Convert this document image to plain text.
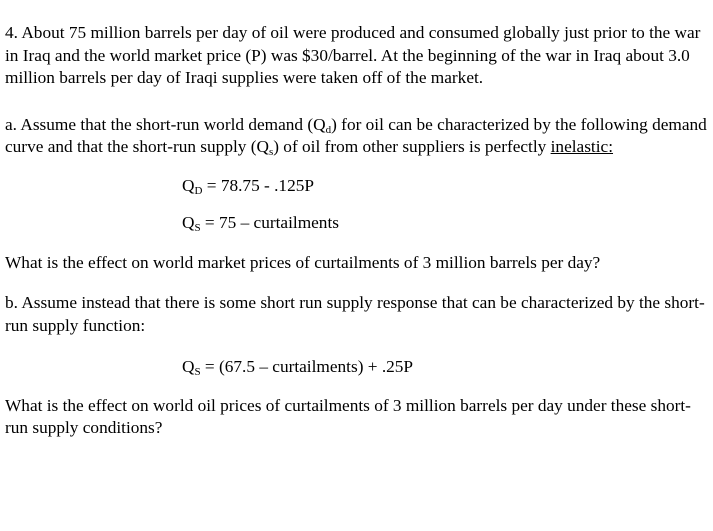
4. About 75 million barrels per day of oil were produced and consumed globally just prior to the war in Iraq and the world market price (P) was $30/barrel. At the beginning of the war in Iraq about 3.0 million barrels per day of Iraqi supplies were taken off of the market.

a. Assume that the short-run world demand $(Q_d)$ for oil can be characterized by the following demand curve and that the short-run supply $(Q_s)$ of oil from other suppliers is perfectly inelastic:

$Q_D = 78.75 - .125P$

$Q_S = 75$ – curtailments

What is the effect on world market prices of curtailments of 3 million barrels per day?

b. Assume instead that there is some short run supply response that can be characterized by the short-run supply function:

$Q_S = (67.5$ – curtailments) + .25P

What is the effect on world oil prices of curtailments of 3 million barrels per day under these short-run supply conditions?
